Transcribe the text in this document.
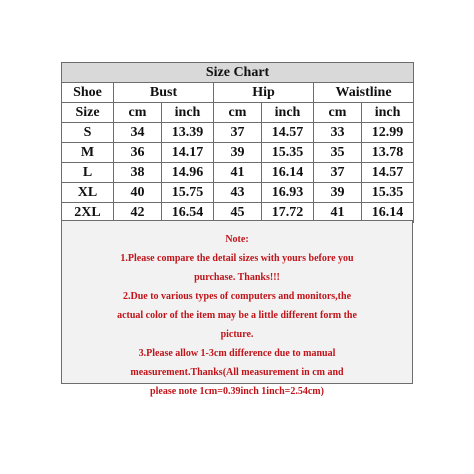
Size Chart						
Shoe	Bust		Hip		Waistline	
Size	cm	inch	cm	inch	cm	inch
S	34	13.39	37	14.57	33	12.99
M	36	14.17	39	15.35	35	13.78
L	38	14.96	41	16.14	37	14.57
XL	40	15.75	43	16.93	39	15.35
2XL	42	16.54	45	17.72	41	16.14
Note:
1.Please compare the detail sizes with yours before you
purchase. Thanks!!!
2.Due to various types of computers and monitors,the
actual color of the item may be a little different form the
picture.
3.Please allow 1-3cm difference due to manual
measurement.Thanks(All measurement in cm and
please note 1cm=0.39inch 1inch=2.54cm)
